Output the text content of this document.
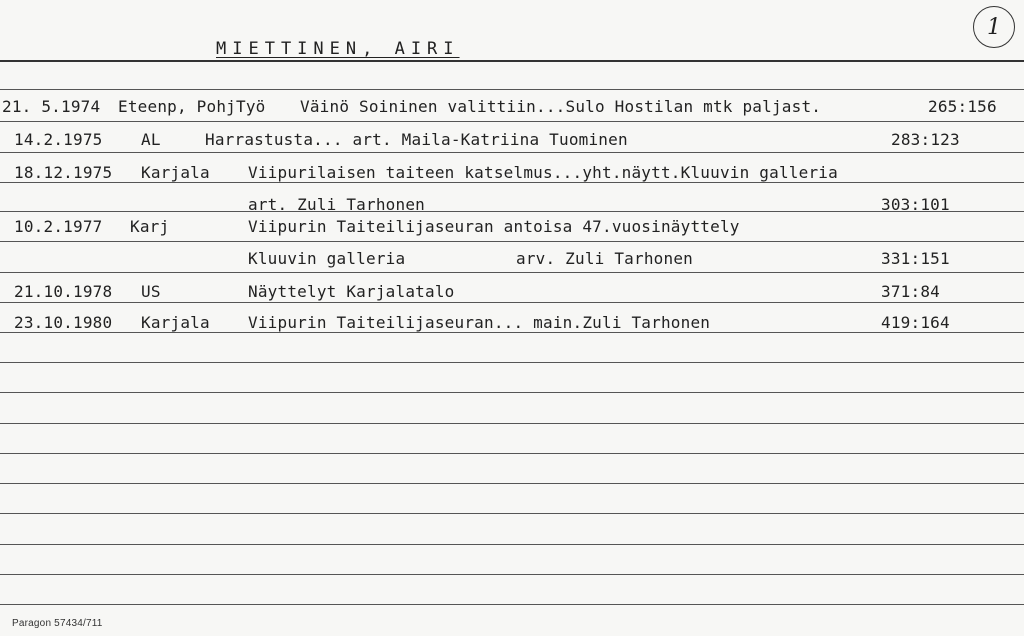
MIETTINEN, AIRI
1
21. 5.1974 Eteenp, PohjTyö Väinö Soininen valittiin...Sulo Hostilan mtk paljast.	265:156
14.2.1975 AL	Harrastusta... art. Maila-Katriina Tuominen	283:123
18.12.1975 Karjala Viipurilaisen taiteen katselmus...yht.näytt.Kluuvin galleria
art. Zuli Tarhonen	303:101
10.2.1977 Karj	Viipurin Taiteilijaseuran antoisa 47.vuosinäyttely
Kluuvin galleria	arv. Zuli Tarhonen	331:151
21.10.1978 US	Näyttelyt Karjalatalo	371:84
23.10.1980 Karjala Viipurin Taiteilijaseuran... main.Zuli Tarhonen	419:164
Paragon 57434/711
